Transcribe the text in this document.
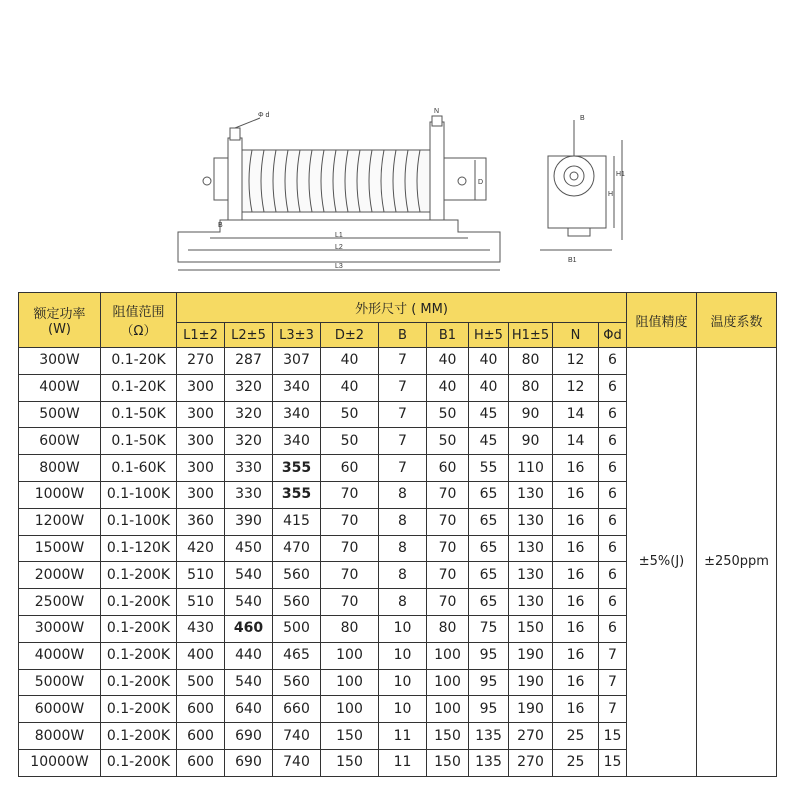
Φ d
N
L1
L2
L3
D
B
B
B1
H
H1
额定功率
(W)	阻值范围
（Ω）	外形尺寸 ( MM)										阻值精度	温度系数
		L1±2	L2±5	L3±3	D±2	B	B1	H±5	H1±5	N	Φd		
300W	0.1-20K	270	287	307	40	7	40	40	80	12	6	±5%(J)	±250ppm
400W	0.1-20K	300	320	340	40	7	40	40	80	12	6		
500W	0.1-50K	300	320	340	50	7	50	45	90	14	6		
600W	0.1-50K	300	320	340	50	7	50	45	90	14	6		
800W	0.1-60K	300	330	355	60	7	60	55	110	16	6		
1000W	0.1-100K	300	330	355	70	8	70	65	130	16	6		
1200W	0.1-100K	360	390	415	70	8	70	65	130	16	6		
1500W	0.1-120K	420	450	470	70	8	70	65	130	16	6		
2000W	0.1-200K	510	540	560	70	8	70	65	130	16	6		
2500W	0.1-200K	510	540	560	70	8	70	65	130	16	6		
3000W	0.1-200K	430	460	500	80	10	80	75	150	16	6		
4000W	0.1-200K	400	440	465	100	10	100	95	190	16	7		
5000W	0.1-200K	500	540	560	100	10	100	95	190	16	7		
6000W	0.1-200K	600	640	660	100	10	100	95	190	16	7		
8000W	0.1-200K	600	690	740	150	11	150	135	270	25	15		
10000W	0.1-200K	600	690	740	150	11	150	135	270	25	15		
